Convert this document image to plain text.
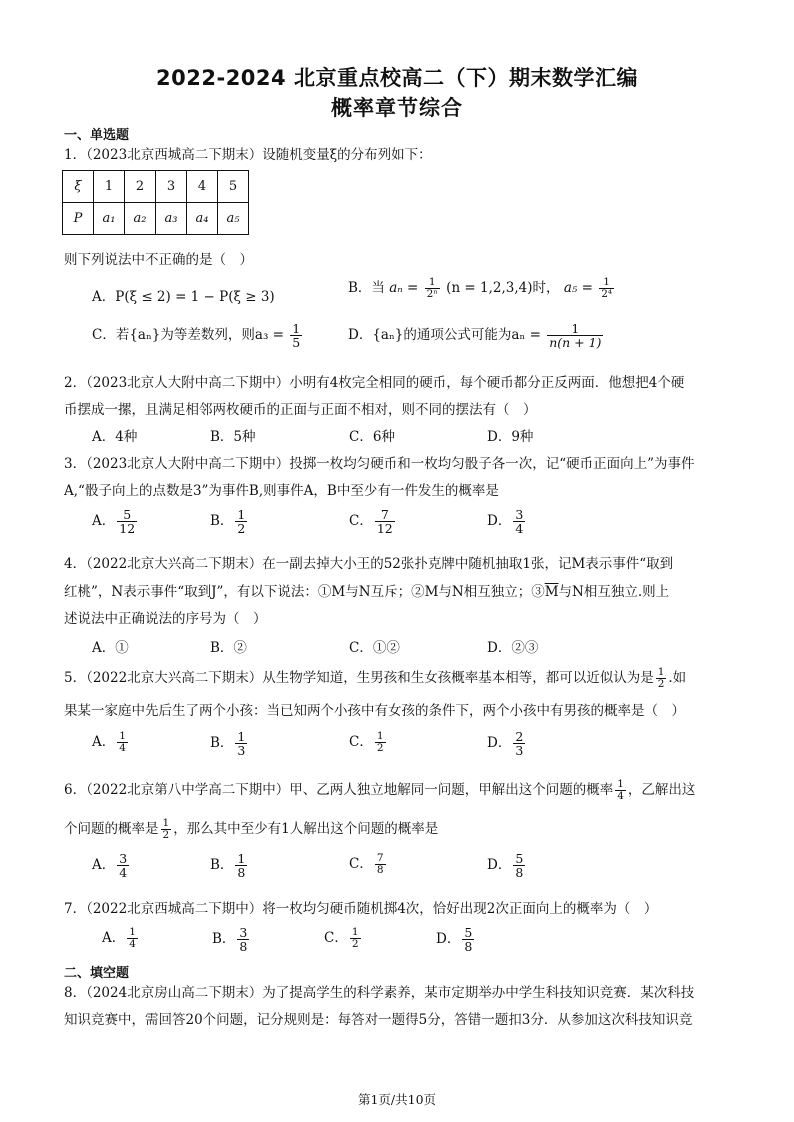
2022-2024 北京重点校高二（下）期末数学汇编
概率章节综合
一、单选题
1．（2023北京西城高二下期末）设随机变量ξ的分布列如下：
ξ	1	2	3	4	5
P	a₁	a₂	a₃	a₄	a₅
则下列说法中不正确的是（　）
A．P(ξ ≤ 2) = 1 − P(ξ ≥ 3)
B．当 $a_n = \frac{1}{\text{2ⁿ}} (n = 1,2,3,4)$时， $a_5 = \frac{1}{\text{2⁴}}$
C．若{aₙ}为等差数列，则$a_3 = \frac{1}{5}$	D．{aₙ}的通项公式可能为$a_n = \frac{1}{n(n + 1)}$
2．（2023北京人大附中高二下期中）小明有4枚完全相同的硬币，每个硬币都分正反两面．他想把4个硬
币摆成一摞，且满足相邻两枚硬币的正面与正面不相对，则不同的摆法有（　）
A．4种	B．5种	C．6种	D．9种
3．（2023北京人大附中高二下期中）投掷一枚均匀硬币和一枚均匀骰子各一次，记“硬币正面向上”为事件
A,“骰子向上的点数是3”为事件B,则事件A，B中至少有一件发生的概率是
A． $\frac{5}{12}$	B． $\frac{1}{2}$	C． $\frac{7}{12}$	D． $\frac{3}{4}$
4．（2022北京大兴高二下期末）在一副去掉大小王的52张扑克牌中随机抽取1张，记M表示事件“取到
红桃”，N表示事件“取到J”，有以下说法：①M与N互斥；②M与N相互独立；$③\overline{M}$与N相互独立.则上
述说法中正确说法的序号为（　）
A．①	B．②	C．①②	D．②③
5．（2022北京大兴高二下期末）从生物学知道，生男孩和生女孩概率基本相等，都可以近似认为是 $\frac{1}{2}$ .如
果某一家庭中先后生了两个小孩：当已知两个小孩中有女孩的条件下，两个小孩中有男孩的概率是（　）
A． $\frac{1}{4}$	B． $\frac{1}{3}$	C． $\frac{1}{2}$	D． $\frac{2}{3}$
6．（2022北京第八中学高二下期中）甲、乙两人独立地解同一问题，甲解出这个问题的概率 $\frac{1}{4}$ ，乙解出这
个问题的概率是 $\frac{1}{2}$ ，那么其中至少有1人解出这个问题的概率是
A． $\frac{3}{4}$	B． $\frac{1}{8}$	C． $\frac{7}{8}$	D． $\frac{5}{8}$
7．（2022北京西城高二下期中）将一枚均匀硬币随机掷4次，恰好出现2次正面向上的概率为（　）
A． $\frac{1}{4}$	B． $\frac{3}{8}$	C． $\frac{1}{2}$	D． $\frac{5}{8}$
二、填空题
8．（2024北京房山高二下期末）为了提高学生的科学素养，某市定期举办中学生科技知识竞赛．某次科技
知识竞赛中，需回答20个问题，记分规则是：每答对一题得5分，答错一题扣3分．从参加这次科技知识竞
第1页/共10页
